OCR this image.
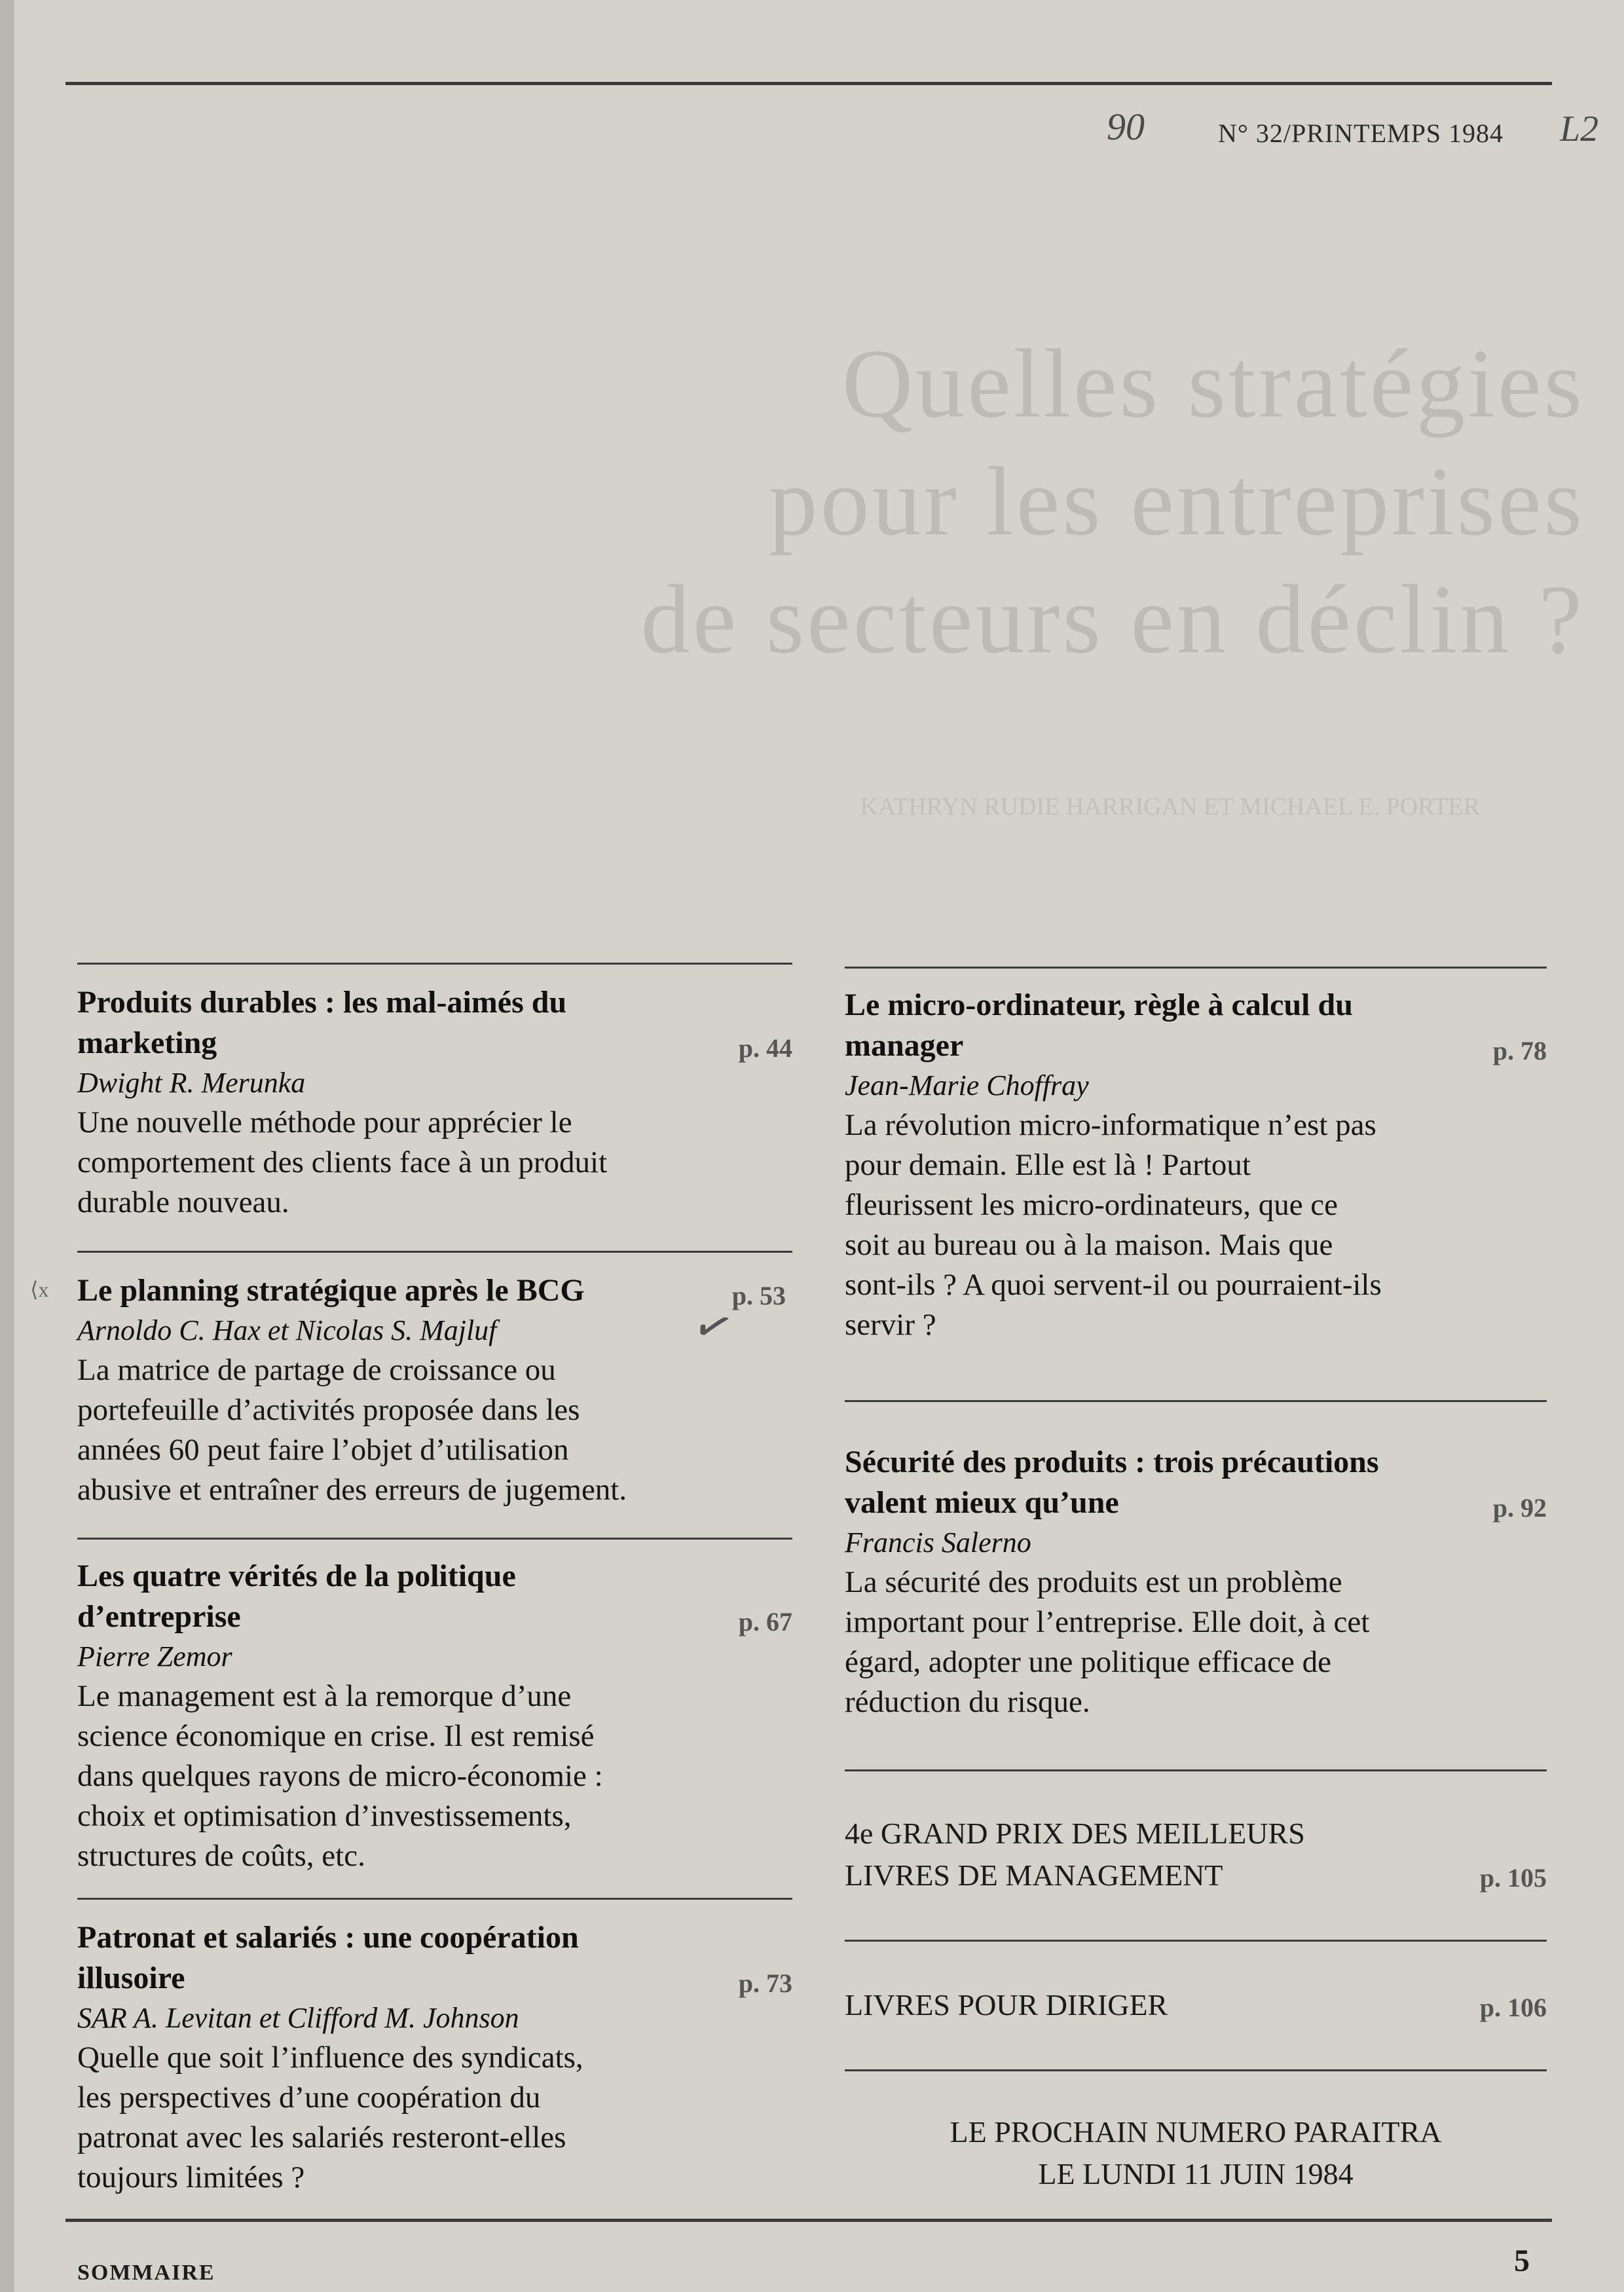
Quelles stratégies
pour les entreprises
de secteurs en déclin ?
KATHRYN RUDIE HARRIGAN ET MICHAEL E. PORTER
90	N° 32/PRINTEMPS 1984 L2
Produits durables : les mal-aimés du
marketing	p. 44
Dwight R. Merunka
Une nouvelle méthode pour apprécier le
comportement des clients face à un produit
durable nouveau.
⟨x Le planning stratégique après le BCG	p. 53
Arnoldo C. Hax et Nicolas S. Majluf
La matrice de partage de croissance ou
portefeuille d’activités proposée dans les
années 60 peut faire l’objet d’utilisation
abusive et entraîner des erreurs de jugement.
✓
Les quatre vérités de la politique
d’entreprise	p. 67
Pierre Zemor
Le management est à la remorque d’une
science économique en crise. Il est remisé
dans quelques rayons de micro-économie :
choix et optimisation d’investissements,
structures de coûts, etc.
Patronat et salariés : une coopération
illusoire	p. 73
SAR A. Levitan et Clifford M. Johnson
Quelle que soit l’influence des syndicats,
les perspectives d’une coopération du
patronat avec les salariés resteront-elles
toujours limitées ?
Le micro-ordinateur, règle à calcul du
manager	p. 78
Jean-Marie Choffray
La révolution micro-informatique n’est pas
pour demain. Elle est là ! Partout
fleurissent les micro-ordinateurs, que ce
soit au bureau ou à la maison. Mais que
sont-ils ? A quoi servent-il ou pourraient-ils
servir ?
Sécurité des produits : trois précautions
valent mieux qu’une	p. 92
Francis Salerno
La sécurité des produits est un problème
important pour l’entreprise. Elle doit, à cet
égard, adopter une politique efficace de
réduction du risque.
4e GRAND PRIX DES MEILLEURS
LIVRES DE MANAGEMENT	p. 105
LIVRES POUR DIRIGER	p. 106
LE PROCHAIN NUMERO PARAITRA
LE LUNDI 11 JUIN 1984
SOMMAIRE	5
